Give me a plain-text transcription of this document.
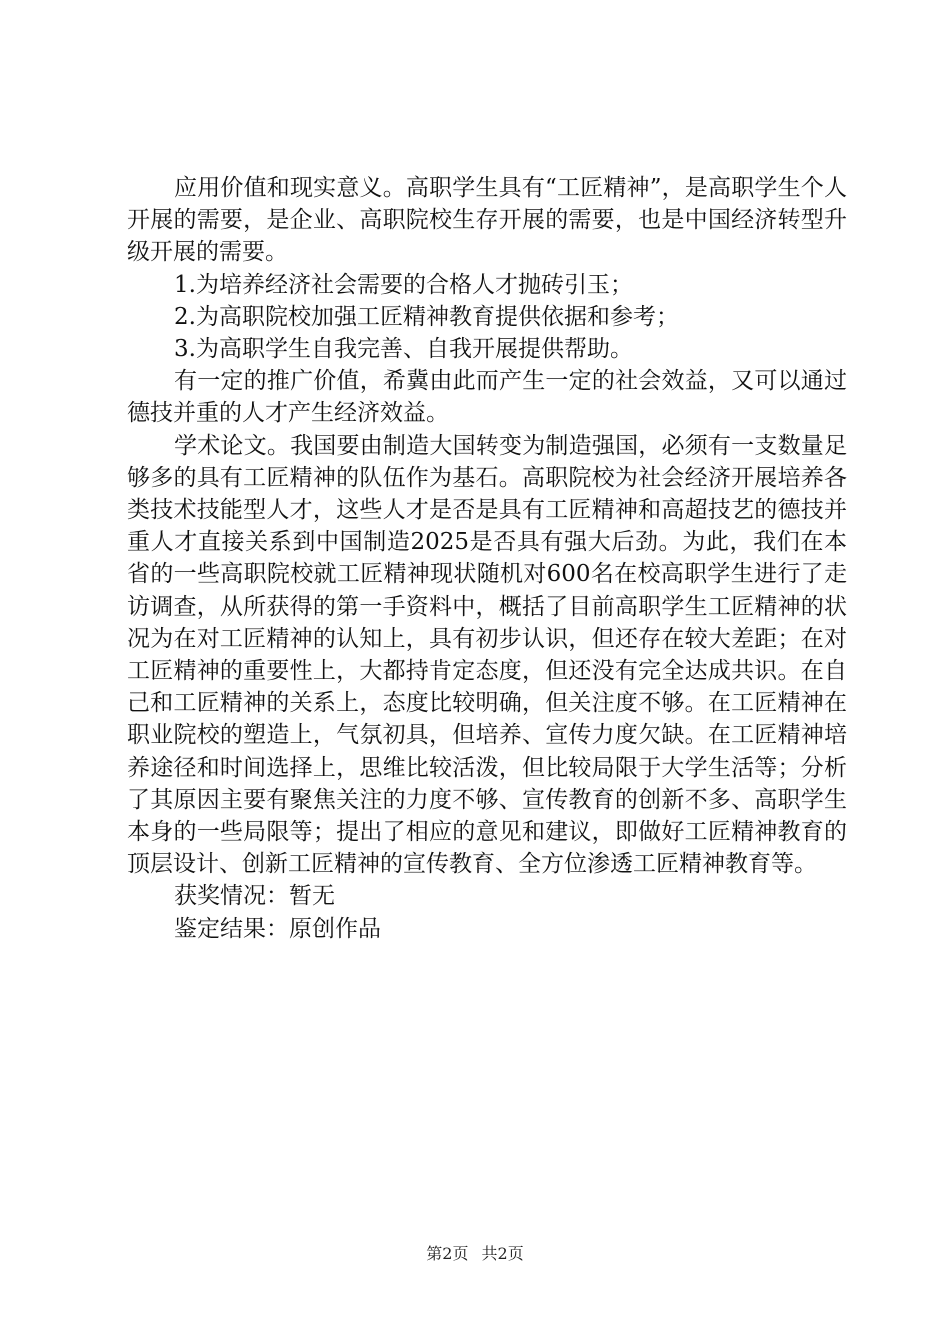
应用价值和现实意义。高职学生具有“工匠精神”，是高职学生个人开展的需要，是企业、高职院校生存开展的需要，也是中国经济转型升级开展的需要。

1.为培养经济社会需要的合格人才抛砖引玉；

2.为高职院校加强工匠精神教育提供依据和参考；

3.为高职学生自我完善、自我开展提供帮助。

有一定的推广价值，希冀由此而产生一定的社会效益，又可以通过德技并重的人才产生经济效益。

学术论文。我国要由制造大国转变为制造强国，必须有一支数量足够多的具有工匠精神的队伍作为基石。高职院校为社会经济开展培养各类技术技能型人才，这些人才是否是具有工匠精神和高超技艺的德技并重人才直接关系到中国制造2025是否具有强大后劲。为此，我们在本省的一些高职院校就工匠精神现状随机对600名在校高职学生进行了走访调查，从所获得的第一手资料中，概括了目前高职学生工匠精神的状况为在对工匠精神的认知上，具有初步认识，但还存在较大差距；在对工匠精神的重要性上，大都持肯定态度，但还没有完全达成共识。在自己和工匠精神的关系上，态度比较明确，但关注度不够。在工匠精神在职业院校的塑造上，气氛初具，但培养、宣传力度欠缺。在工匠精神培养途径和时间选择上，思维比较活泼，但比较局限于大学生活等；分析了其原因主要有聚焦关注的力度不够、宣传教育的创新不多、高职学生本身的一些局限等；提出了相应的意见和建议，即做好工匠精神教育的顶层设计、创新工匠精神的宣传教育、全方位渗透工匠精神教育等。

获奖情况：暂无

鉴定结果：原创作品

第2页 共2页
